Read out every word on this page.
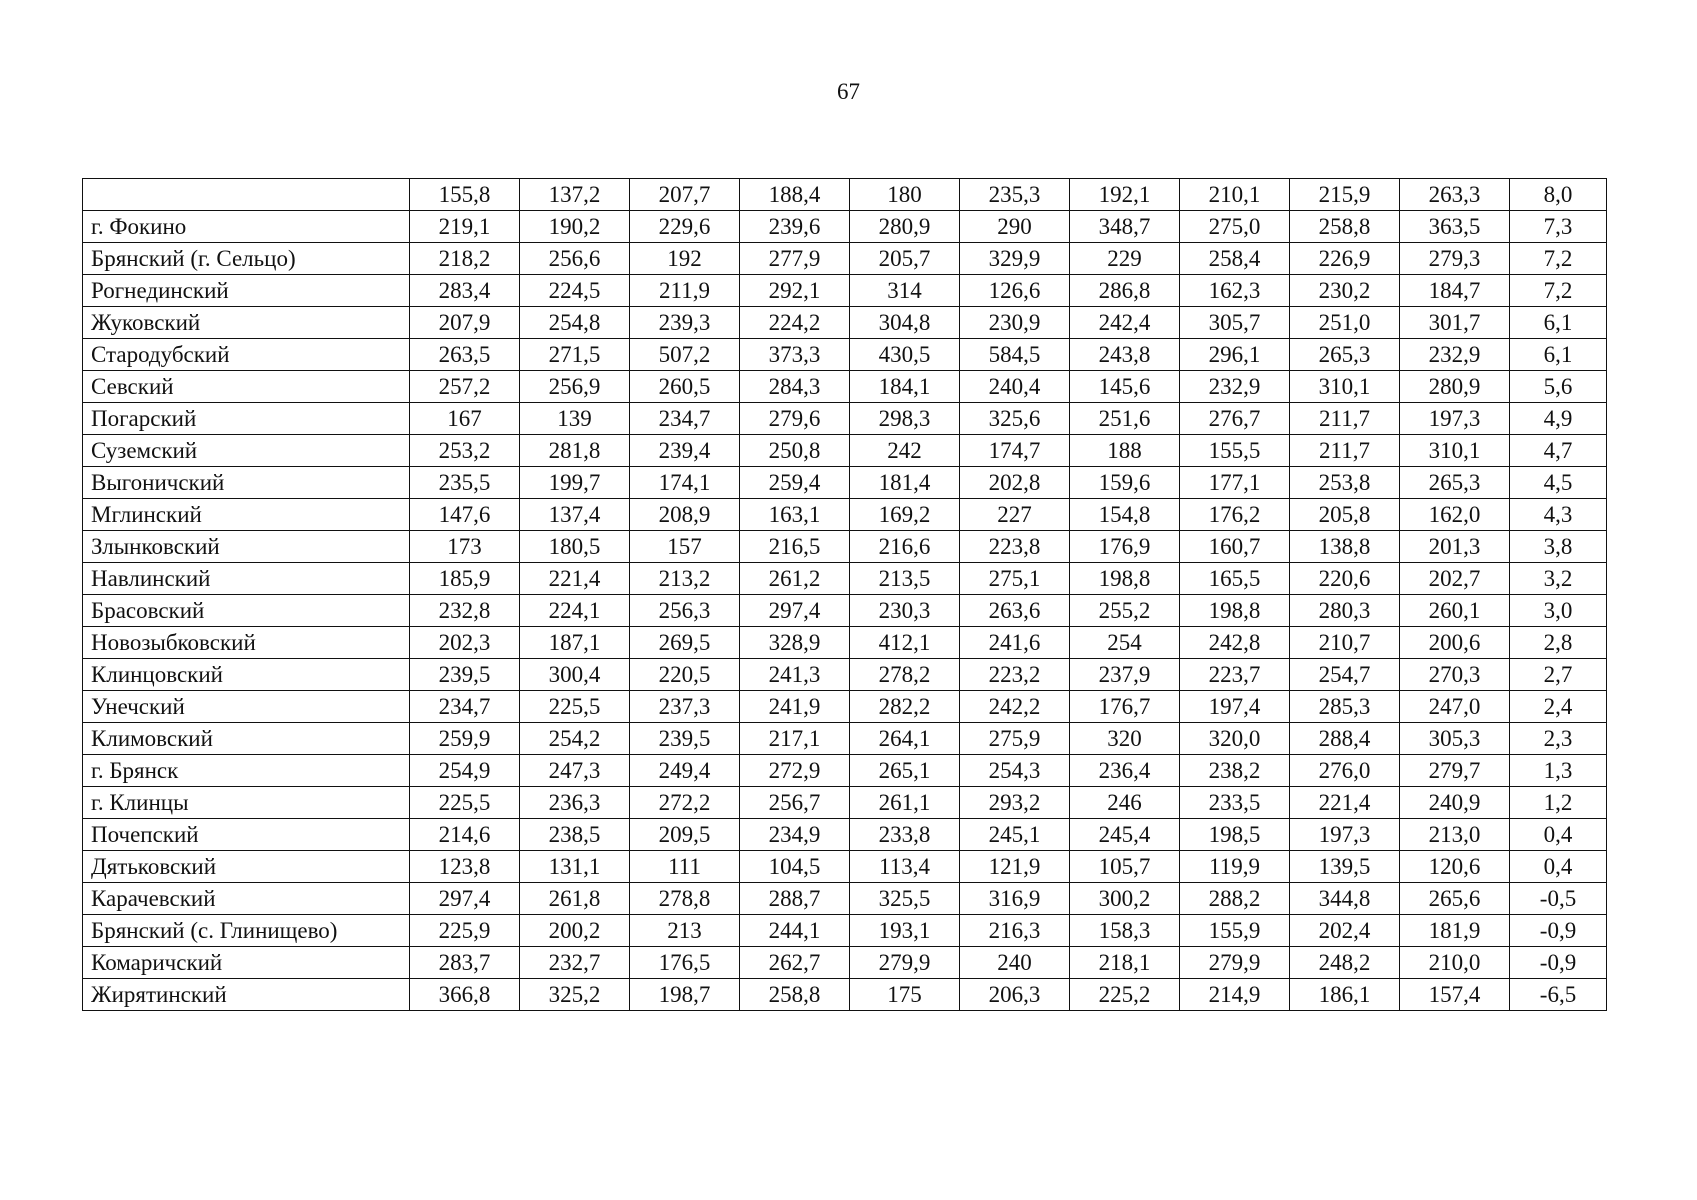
67
	155,8	137,2	207,7	188,4	180	235,3	192,1	210,1	215,9	263,3	8,0
г. Фокино	219,1	190,2	229,6	239,6	280,9	290	348,7	275,0	258,8	363,5	7,3
Брянский (г. Сельцо)	218,2	256,6	192	277,9	205,7	329,9	229	258,4	226,9	279,3	7,2
Рогнединский	283,4	224,5	211,9	292,1	314	126,6	286,8	162,3	230,2	184,7	7,2
Жуковский	207,9	254,8	239,3	224,2	304,8	230,9	242,4	305,7	251,0	301,7	6,1
Стародубский	263,5	271,5	507,2	373,3	430,5	584,5	243,8	296,1	265,3	232,9	6,1
Севский	257,2	256,9	260,5	284,3	184,1	240,4	145,6	232,9	310,1	280,9	5,6
Погарский	167	139	234,7	279,6	298,3	325,6	251,6	276,7	211,7	197,3	4,9
Суземский	253,2	281,8	239,4	250,8	242	174,7	188	155,5	211,7	310,1	4,7
Выгоничский	235,5	199,7	174,1	259,4	181,4	202,8	159,6	177,1	253,8	265,3	4,5
Мглинский	147,6	137,4	208,9	163,1	169,2	227	154,8	176,2	205,8	162,0	4,3
Злынковский	173	180,5	157	216,5	216,6	223,8	176,9	160,7	138,8	201,3	3,8
Навлинский	185,9	221,4	213,2	261,2	213,5	275,1	198,8	165,5	220,6	202,7	3,2
Брасовский	232,8	224,1	256,3	297,4	230,3	263,6	255,2	198,8	280,3	260,1	3,0
Новозыбковский	202,3	187,1	269,5	328,9	412,1	241,6	254	242,8	210,7	200,6	2,8
Клинцовский	239,5	300,4	220,5	241,3	278,2	223,2	237,9	223,7	254,7	270,3	2,7
Унечский	234,7	225,5	237,3	241,9	282,2	242,2	176,7	197,4	285,3	247,0	2,4
Климовский	259,9	254,2	239,5	217,1	264,1	275,9	320	320,0	288,4	305,3	2,3
г. Брянск	254,9	247,3	249,4	272,9	265,1	254,3	236,4	238,2	276,0	279,7	1,3
г. Клинцы	225,5	236,3	272,2	256,7	261,1	293,2	246	233,5	221,4	240,9	1,2
Почепский	214,6	238,5	209,5	234,9	233,8	245,1	245,4	198,5	197,3	213,0	0,4
Дятьковский	123,8	131,1	111	104,5	113,4	121,9	105,7	119,9	139,5	120,6	0,4
Карачевский	297,4	261,8	278,8	288,7	325,5	316,9	300,2	288,2	344,8	265,6	-0,5
Брянский (с. Глинищево)	225,9	200,2	213	244,1	193,1	216,3	158,3	155,9	202,4	181,9	-0,9
Комаричский	283,7	232,7	176,5	262,7	279,9	240	218,1	279,9	248,2	210,0	-0,9
Жирятинский	366,8	325,2	198,7	258,8	175	206,3	225,2	214,9	186,1	157,4	-6,5
